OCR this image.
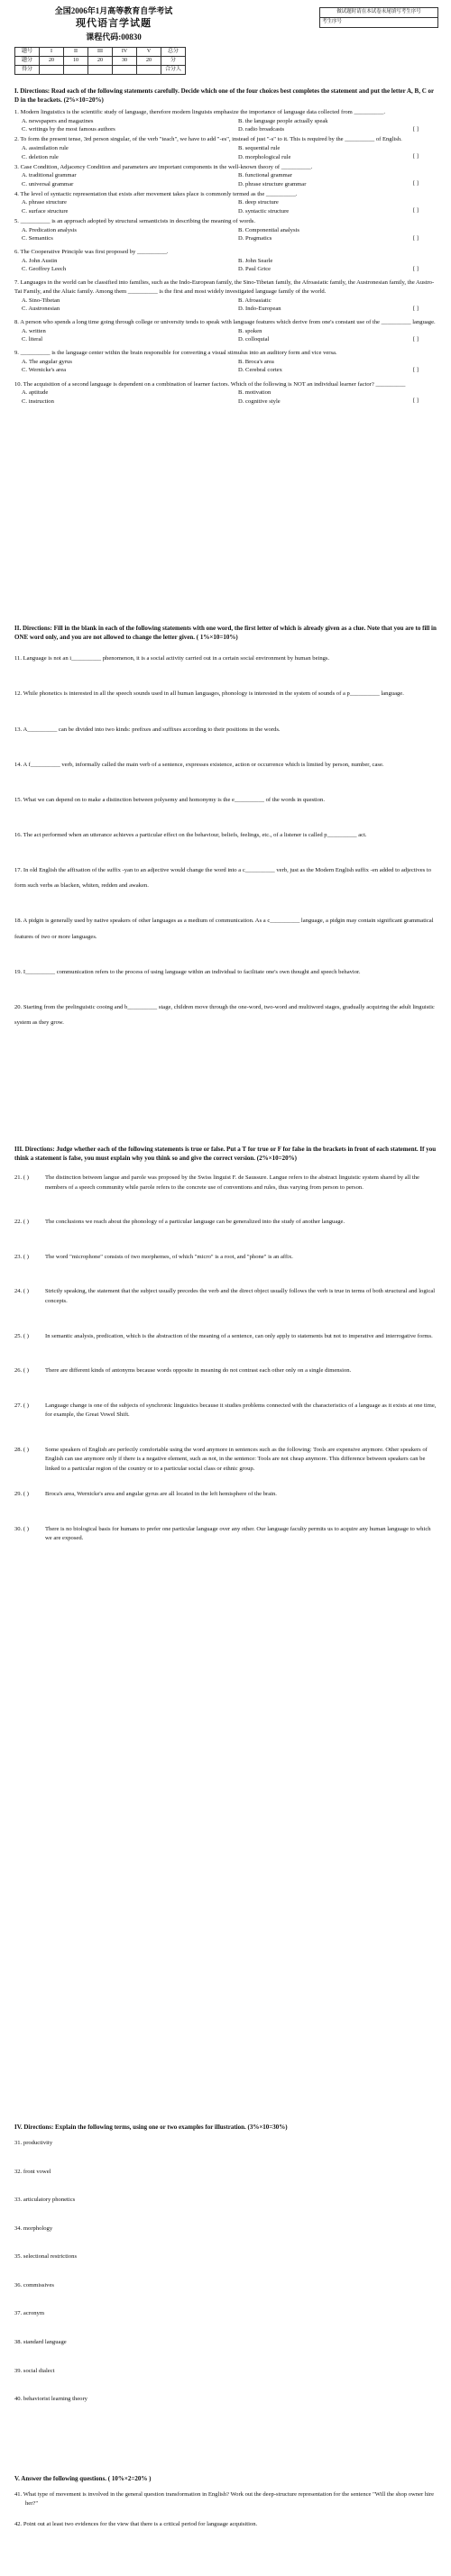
全国2006年1月高等教育自学考试
现代语言学试题
课程代码:00830
做试题时请在本试卷末尾填写考生序号
考生序号
题号	I	II	III	IV	V	总分
题分	20	10	20	30	20	分
得分						合分人
I. Directions: Read each of the following statements carefully. Decide which one of the four choices best completes the statement and put the letter A, B, C or D in the brackets. (2%×10=20%)

1. Modern linguistics is the scientific study of language, therefore modern linguists emphasize the importance of language data collected from __________.

A. newspapers and magazines	B. the language people actually speak
C. writings by the most famous authors	D. radio broadcasts	[ ]

2. To form the present tense, 3rd person singular, of the verb "teach", we have to add "-es", instead of just "-s" to it. This is required by the __________ of English.

A. assimilation rule	B. sequential rule
C. deletion rule	D. morphological rule	[ ]

3. Case Condition, Adjacency Condition and parameters are important components in the well-known theory of __________.

A. traditional grammar	B. functional grammar
C. universal grammar	D. phrase structure grammar	[ ]

4. The level of syntactic representation that exists after movement takes place is commonly termed as the __________.

A. phrase structure	B. deep structure
C. surface structure	D. syntactic structure	[ ]

5. __________ is an approach adopted by structural semanticists in describing the meaning of words.

A. Predication analysis	B. Componential analysis
C. Semantics	D. Pragmatics	[ ]

6. The Cooperative Principle was first proposed by __________.

A. John Austin	B. John Searle
C. Geoffrey Leech	D. Paul Grice	[ ]

7. Languages in the world can be classified into families, such as the Indo-European family, the Sino-Tibetan family, the Afroasiatic family, the Austronesian family, the Austro-Tai Family, and the Altaic family. Among them __________ is the first and most widely investigated language family of the world.

A. Sino-Tibetan	B. Afroasiatic
C. Austronesian	D. Indo-European	[ ]

8. A person who spends a long time going through college or university tends to speak with language features which derive from one's constant use of the __________ language.

A. written	B. spoken
C. literal	D. colloquial	[ ]

9. __________ is the language center within the brain responsible for converting a visual stimulus into an auditory form and vice versa.

A. The angular gyrus	B. Broca's area
C. Wernicke's area	D. Cerebral cortex	[ ]

10. The acquisition of a second language is dependent on a combination of learner factors. Which of the following is NOT an individual learner factor? __________

A. aptitude	B. motivation
C. instruction	D. cognitive style	[ ]
II. Directions: Fill in the blank in each of the following statements with one word, the first letter of which is already given as a clue. Note that you are to fill in ONE word only, and you are not allowed to change the letter given. ( 1%×10=10%)

11. Language is not an i__________ phenomenon, it is a social activity carried out in a certain social environment by human beings.

12. While phonetics is interested in all the speech sounds used in all human languages, phonology is interested in the system of sounds of a p__________ language.

13. A__________ can be divided into two kinds: prefixes and suffixes according to their positions in the words.

14. A f__________ verb, informally called the main verb of a sentence, expresses existence, action or occurrence which is limited by person, number, case.

15. What we can depend on to make a distinction between polysemy and homonymy is the e__________ of the words in question.

16. The act performed when an utterance achieves a particular effect on the behaviour, beliefs, feelings, etc., of a listener is called p__________ act.

17. In old English the affixation of the suffix -yan to an adjective would change the word into a c__________ verb, just as the Modern English suffix -en added to adjectives to form such verbs as blacken, whiten, redden and awaken.

18. A pidgin is generally used by native speakers of other languages as a medium of communication. As a c__________ language, a pidgin may contain significant grammatical features of two or more languages.

19. I__________ communication refers to the process of using language within an individual to facilitate one's own thought and speech behavior.

20. Starting from the prelinguistic cooing and b__________ stage, children move through the one-word, two-word and multiword stages, gradually acquiring the adult linguistic system as they grow.

III. Directions: Judge whether each of the following statements is true or false. Put a T for true or F for false in the brackets in front of each statement. If you think a statement is false, you must explain why you think so and give the correct version. (2%×10=20%)
21. ( )	The distinction between langue and parole was proposed by the Swiss linguist F. de Saussure. Langue refers to the abstract linguistic system shared by all the members of a speech community while parole refers to the concrete use of conventions and rules, thus varying from person to person.
22. ( )	The conclusions we reach about the phonology of a particular language can be generalized into the study of another language.
23. ( )	The word "microphone" consists of two morphemes, of which "micro" is a root, and "phone" is an affix.
24. ( )	Strictly speaking, the statement that the subject usually precedes the verb and the direct object usually follows the verb is true in terms of both structural and logical concepts.
25. ( )	In semantic analysis, predication, which is the abstraction of the meaning of a sentence, can only apply to statements but not to imperative and interrogative forms.
26. ( )	There are different kinds of antonyms because words opposite in meaning do not contrast each other only on a single dimension.
27. ( )	Language change is one of the subjects of synchronic linguistics because it studies problems connected with the characteristics of a language as it exists at one time, for example, the Great Vowel Shift.
28. ( )	Some speakers of English are perfectly comfortable using the word anymore in sentences such as the following: Tools are expensive anymore. Other speakers of English can use anymore only if there is a negative element, such as not, in the sentence: Tools are not cheap anymore. This difference between speakers can be linked to a particular region of the country or to a particular social class or ethnic group.
29. ( )	Broca's area, Wernicke's area and angular gyrus are all located in the left hemisphere of the brain.
30. ( )	There is no biological basis for humans to prefer one particular language over any other. Our language faculty permits us to acquire any human language to which we are exposed.
IV. Directions: Explain the following terms, using one or two examples for illustration. (3%×10=30%)

31. productivity

32. front vowel

33. articulatory phonetics

34. morphology

35. selectional restrictions

36. commissives

37. acronym

38. standard language

39. social dialect

40. behaviorist learning theory

V. Answer the following questions. ( 10%×2=20% )

41. What type of movement is involved in the general question transformation in English? Work out the deep-structure representation for the sentence "Will the shop owner hire her?"

42. Point out at least two evidences for the view that there is a critical period for language acquisition.
